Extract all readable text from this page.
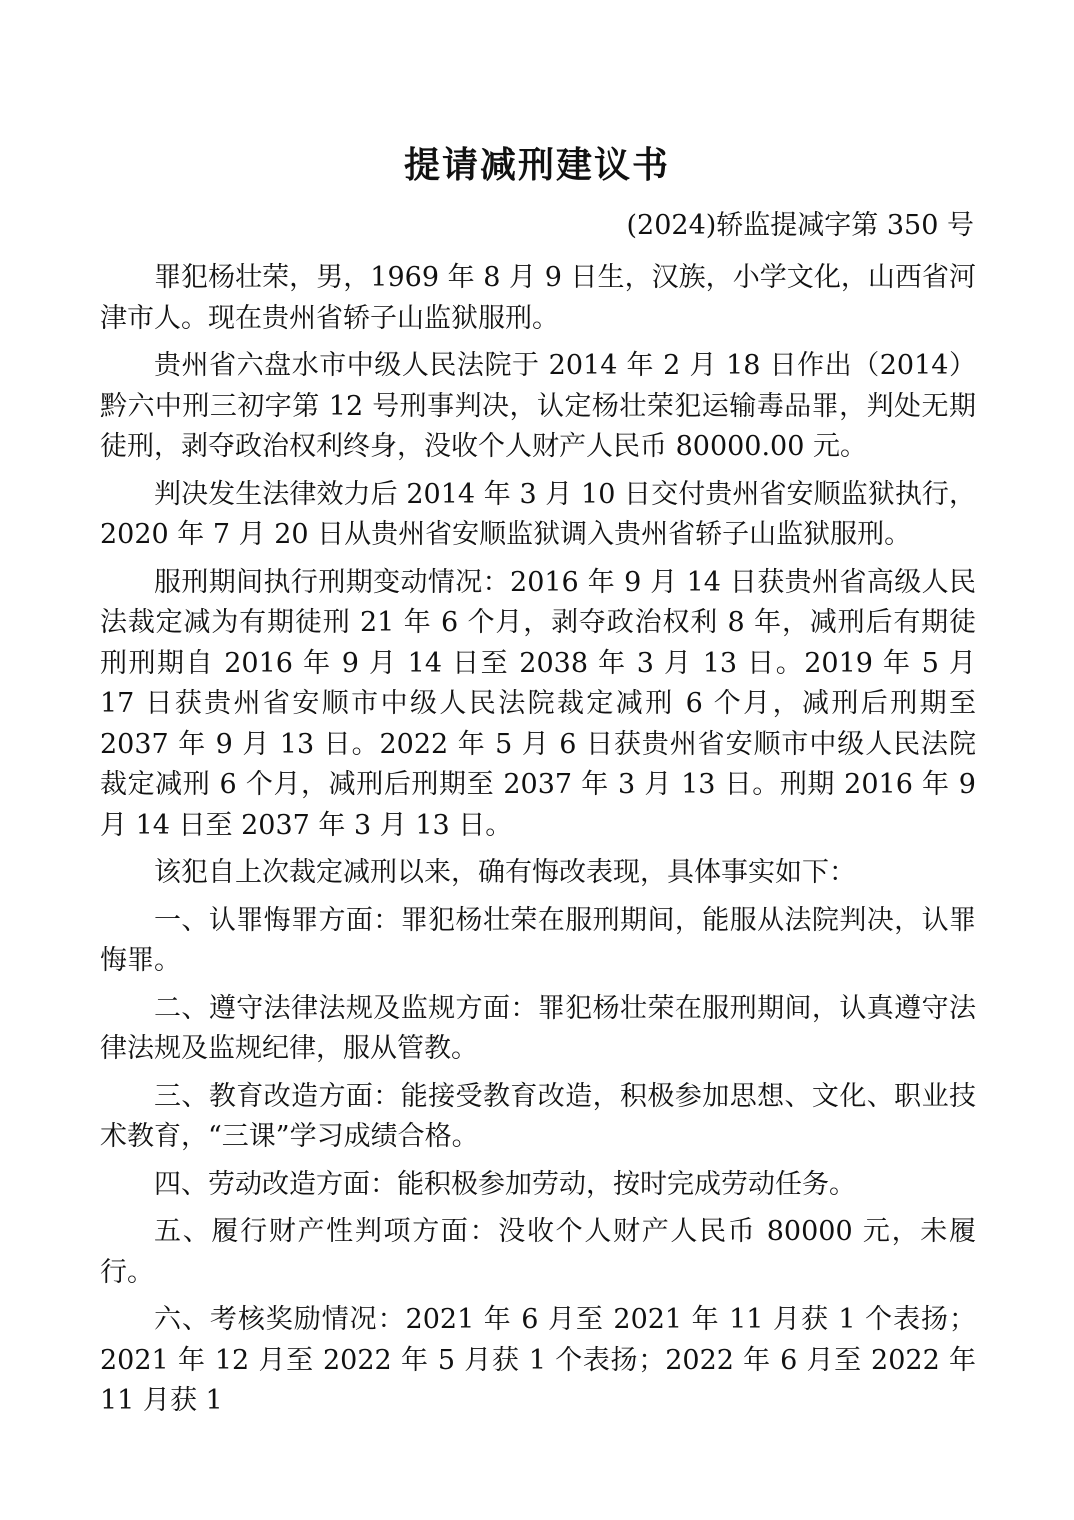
提请减刑建议书
(2024)轿监提减字第 350 号

罪犯杨壮荣，男，1969 年 8 月 9 日生，汉族，小学文化，山西省河津市人。现在贵州省轿子山监狱服刑。

贵州省六盘水市中级人民法院于 2014 年 2 月 18 日作出（2014）黔六中刑三初字第 12 号刑事判决，认定杨壮荣犯运输毒品罪，判处无期徒刑，剥夺政治权利终身，没收个人财产人民币 80000.00 元。

判决发生法律效力后 2014 年 3 月 10 日交付贵州省安顺监狱执行，2020 年 7 月 20 日从贵州省安顺监狱调入贵州省轿子山监狱服刑。

服刑期间执行刑期变动情况：2016 年 9 月 14 日获贵州省高级人民法裁定减为有期徒刑 21 年 6 个月，剥夺政治权利 8 年，减刑后有期徒刑刑期自 2016 年 9 月 14 日至 2038 年 3 月 13 日。2019 年 5 月 17 日获贵州省安顺市中级人民法院裁定减刑 6 个月，减刑后刑期至 2037 年 9 月 13 日。2022 年 5 月 6 日获贵州省安顺市中级人民法院裁定减刑 6 个月，减刑后刑期至 2037 年 3 月 13 日。刑期 2016 年 9 月 14 日至 2037 年 3 月 13 日。

该犯自上次裁定减刑以来，确有悔改表现，具体事实如下：

一、认罪悔罪方面：罪犯杨壮荣在服刑期间，能服从法院判决，认罪悔罪。

二、遵守法律法规及监规方面：罪犯杨壮荣在服刑期间，认真遵守法律法规及监规纪律，服从管教。

三、教育改造方面：能接受教育改造，积极参加思想、文化、职业技术教育，“三课”学习成绩合格。

四、劳动改造方面：能积极参加劳动，按时完成劳动任务。

五、履行财产性判项方面：没收个人财产人民币 80000 元，未履行。

六、考核奖励情况：2021 年 6 月至 2021 年 11 月获 1 个表扬；2021 年 12 月至 2022 年 5 月获 1 个表扬；2022 年 6 月至 2022 年 11 月获 1
